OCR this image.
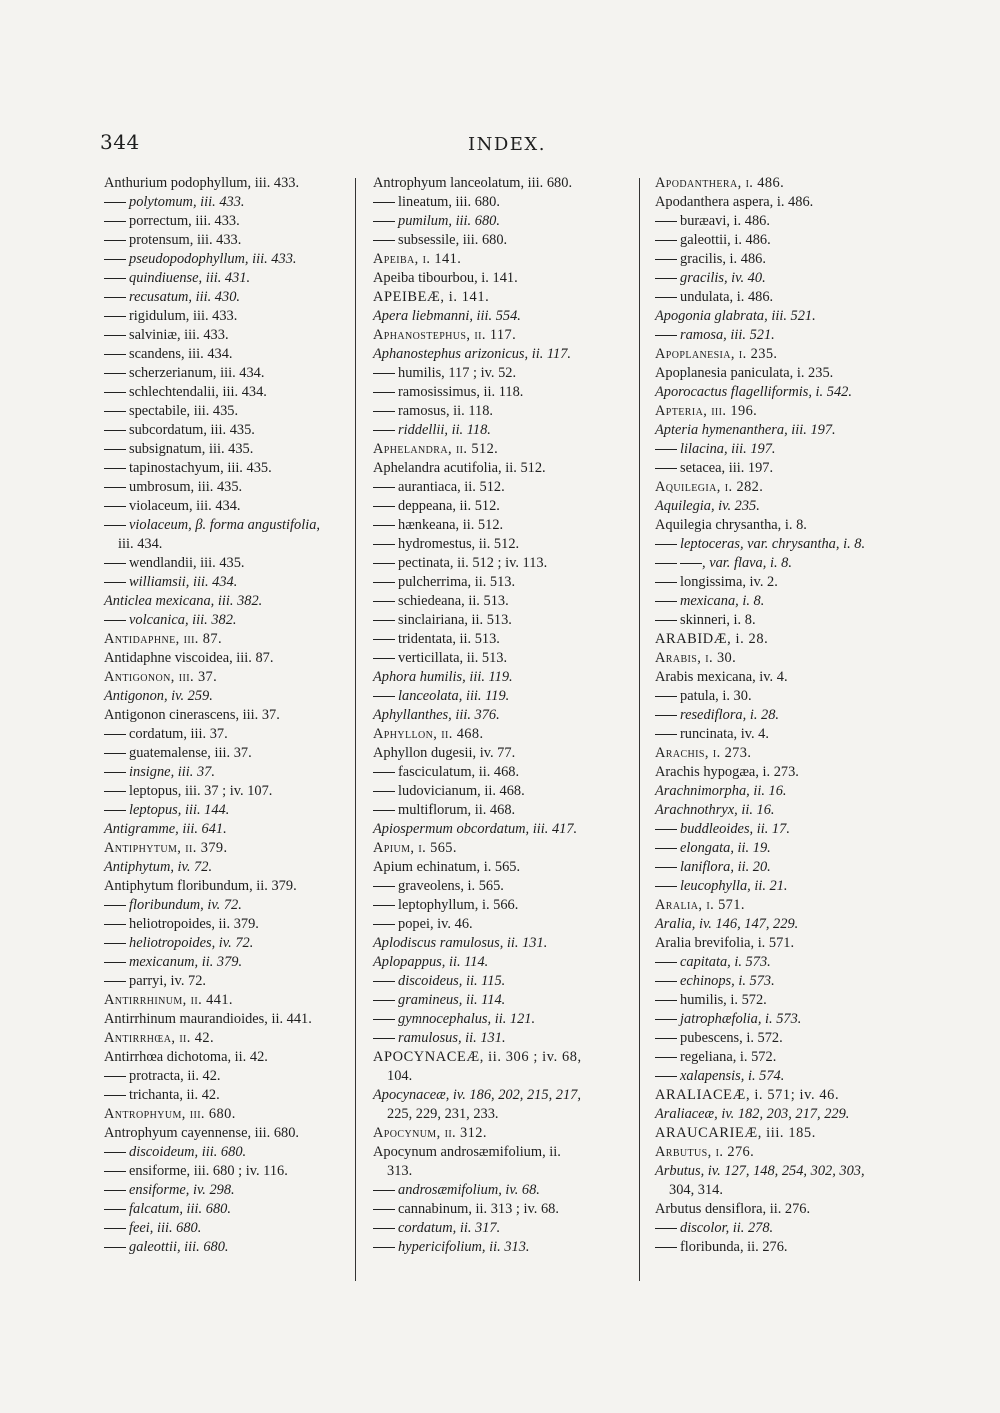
344	INDEX.
Anthurium podophyllum, iii. 433.
polytomum, iii. 433.
porrectum, iii. 433.
protensum, iii. 433.
pseudopodophyllum, iii. 433.
quindiuense, iii. 431.
recusatum, iii. 430.
rigidulum, iii. 433.
salviniæ, iii. 433.
scandens, iii. 434.
scherzerianum, iii. 434.
schlechtendalii, iii. 434.
spectabile, iii. 435.
subcordatum, iii. 435.
subsignatum, iii. 435.
tapinostachyum, iii. 435.
umbrosum, iii. 435.
violaceum, iii. 434.
violaceum, β. forma angustifolia,
iii. 434.
wendlandii, iii. 435.
williamsii, iii. 434.
Anticlea mexicana, iii. 382.
volcanica, iii. 382.
Antidaphne, iii. 87.
Antidaphne viscoidea, iii. 87.
Antigonon, iii. 37.
Antigonon, iv. 259.
Antigonon cinerascens, iii. 37.
cordatum, iii. 37.
guatemalense, iii. 37.
insigne, iii. 37.
leptopus, iii. 37 ; iv. 107.
leptopus, iii. 144.
Antigramme, iii. 641.
Antiphytum, ii. 379.
Antiphytum, iv. 72.
Antiphytum floribundum, ii. 379.
floribundum, iv. 72.
heliotropoides, ii. 379.
heliotropoides, iv. 72.
mexicanum, ii. 379.
parryi, iv. 72.
Antirrhinum, ii. 441.
Antirrhinum maurandioides, ii. 441.
Antirrhœa, ii. 42.
Antirrhœa dichotoma, ii. 42.
protracta, ii. 42.
trichanta, ii. 42.
Antrophyum, iii. 680.
Antrophyum cayennense, iii. 680.
discoideum, iii. 680.
ensiforme, iii. 680 ; iv. 116.
ensiforme, iv. 298.
falcatum, iii. 680.
feei, iii. 680.
galeottii, iii. 680.
Antrophyum lanceolatum, iii. 680.
lineatum, iii. 680.
pumilum, iii. 680.
subsessile, iii. 680.
Apeiba, i. 141.
Apeiba tibourbou, i. 141.
APEIBEÆ, i. 141.
Apera liebmanni, iii. 554.
Aphanostephus, ii. 117.
Aphanostephus arizonicus, ii. 117.
humilis, 117 ; iv. 52.
ramosissimus, ii. 118.
ramosus, ii. 118.
riddellii, ii. 118.
Aphelandra, ii. 512.
Aphelandra acutifolia, ii. 512.
aurantiaca, ii. 512.
deppeana, ii. 512.
hænkeana, ii. 512.
hydromestus, ii. 512.
pectinata, ii. 512 ; iv. 113.
pulcherrima, ii. 513.
schiedeana, ii. 513.
sinclairiana, ii. 513.
tridentata, ii. 513.
verticillata, ii. 513.
Aphora humilis, iii. 119.
lanceolata, iii. 119.
Aphyllanthes, iii. 376.
Aphyllon, ii. 468.
Aphyllon dugesii, iv. 77.
fasciculatum, ii. 468.
ludovicianum, ii. 468.
multiflorum, ii. 468.
Apiospermum obcordatum, iii. 417.
Apium, i. 565.
Apium echinatum, i. 565.
graveolens, i. 565.
leptophyllum, i. 566.
popei, iv. 46.
Aplodiscus ramulosus, ii. 131.
Aplopappus, ii. 114.
discoideus, ii. 115.
gramineus, ii. 114.
gymnocephalus, ii. 121.
ramulosus, ii. 131.
APOCYNACEÆ, ii. 306 ; iv. 68,
104.
Apocynaceæ, iv. 186, 202, 215, 217,
225, 229, 231, 233.
Apocynum, ii. 312.
Apocynum androsæmifolium, ii.
313.
androsæmifolium, iv. 68.
cannabinum, ii. 313 ; iv. 68.
cordatum, ii. 317.
hypericifolium, ii. 313.
Apodanthera, i. 486.
Apodanthera aspera, i. 486.
buræavi, i. 486.
galeottii, i. 486.
gracilis, i. 486.
gracilis, iv. 40.
undulata, i. 486.
Apogonia glabrata, iii. 521.
ramosa, iii. 521.
Apoplanesia, i. 235.
Apoplanesia paniculata, i. 235.
Aporocactus flagelliformis, i. 542.
Apteria, iii. 196.
Apteria hymenanthera, iii. 197.
lilacina, iii. 197.
setacea, iii. 197.
Aquilegia, i. 282.
Aquilegia, iv. 235.
Aquilegia chrysantha, i. 8.
leptoceras, var. chrysantha, i. 8.
, var. flava, i. 8.
longissima, iv. 2.
mexicana, i. 8.
skinneri, i. 8.
ARABIDÆ, i. 28.
Arabis, i. 30.
Arabis mexicana, iv. 4.
patula, i. 30.
resediflora, i. 28.
runcinata, iv. 4.
Arachis, i. 273.
Arachis hypogæa, i. 273.
Arachnimorpha, ii. 16.
Arachnothryx, ii. 16.
buddleoides, ii. 17.
elongata, ii. 19.
laniflora, ii. 20.
leucophylla, ii. 21.
Aralia, i. 571.
Aralia, iv. 146, 147, 229.
Aralia brevifolia, i. 571.
capitata, i. 573.
echinops, i. 573.
humilis, i. 572.
jatrophæfolia, i. 573.
pubescens, i. 572.
regeliana, i. 572.
xalapensis, i. 574.
ARALIACEÆ, i. 571; iv. 46.
Araliaceæ, iv. 182, 203, 217, 229.
ARAUCARIEÆ, iii. 185.
Arbutus, i. 276.
Arbutus, iv. 127, 148, 254, 302, 303,
304, 314.
Arbutus densiflora, ii. 276.
discolor, ii. 278.
floribunda, ii. 276.
